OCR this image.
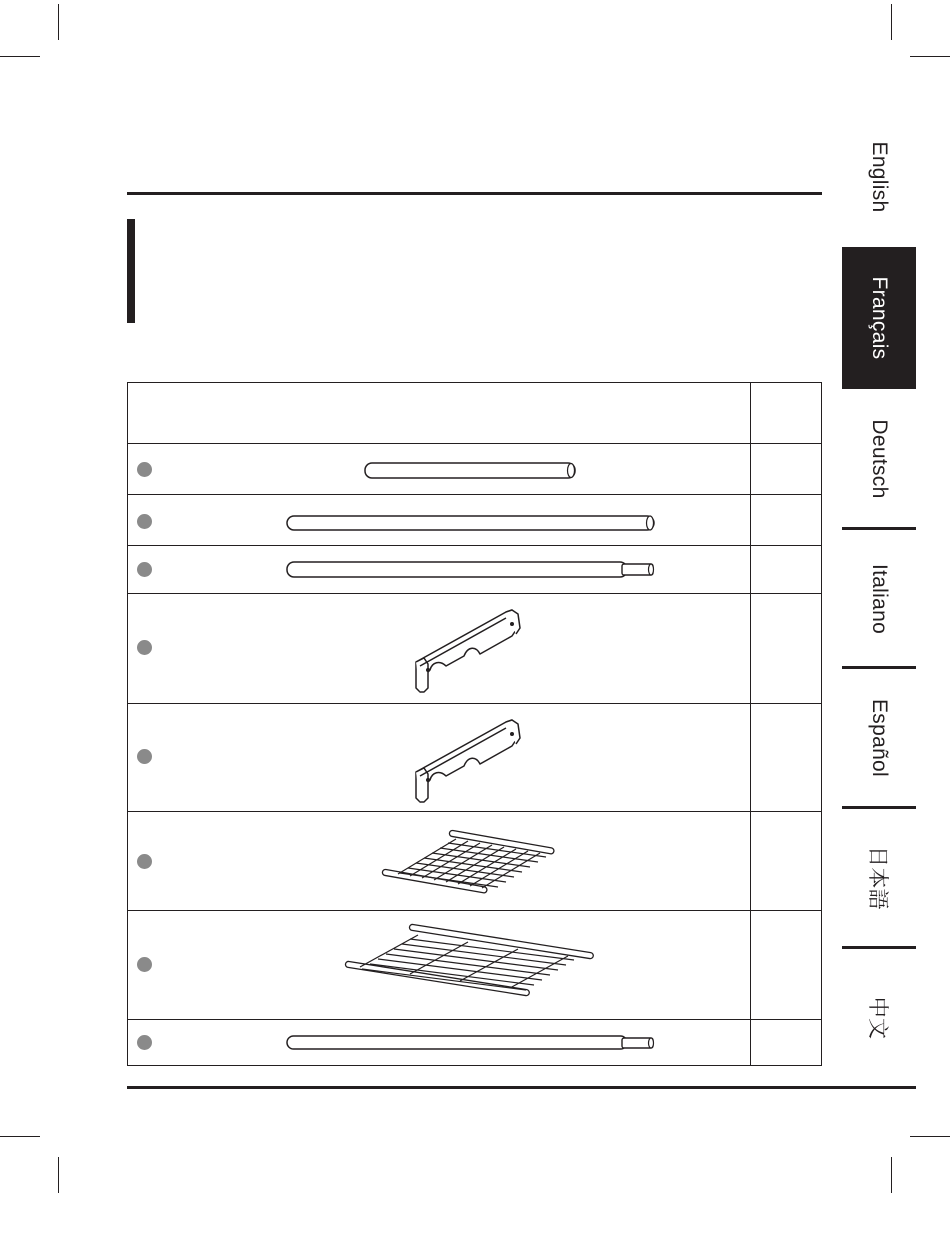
English
Français
Deutsch
Italiano
Español
日本語
中文
